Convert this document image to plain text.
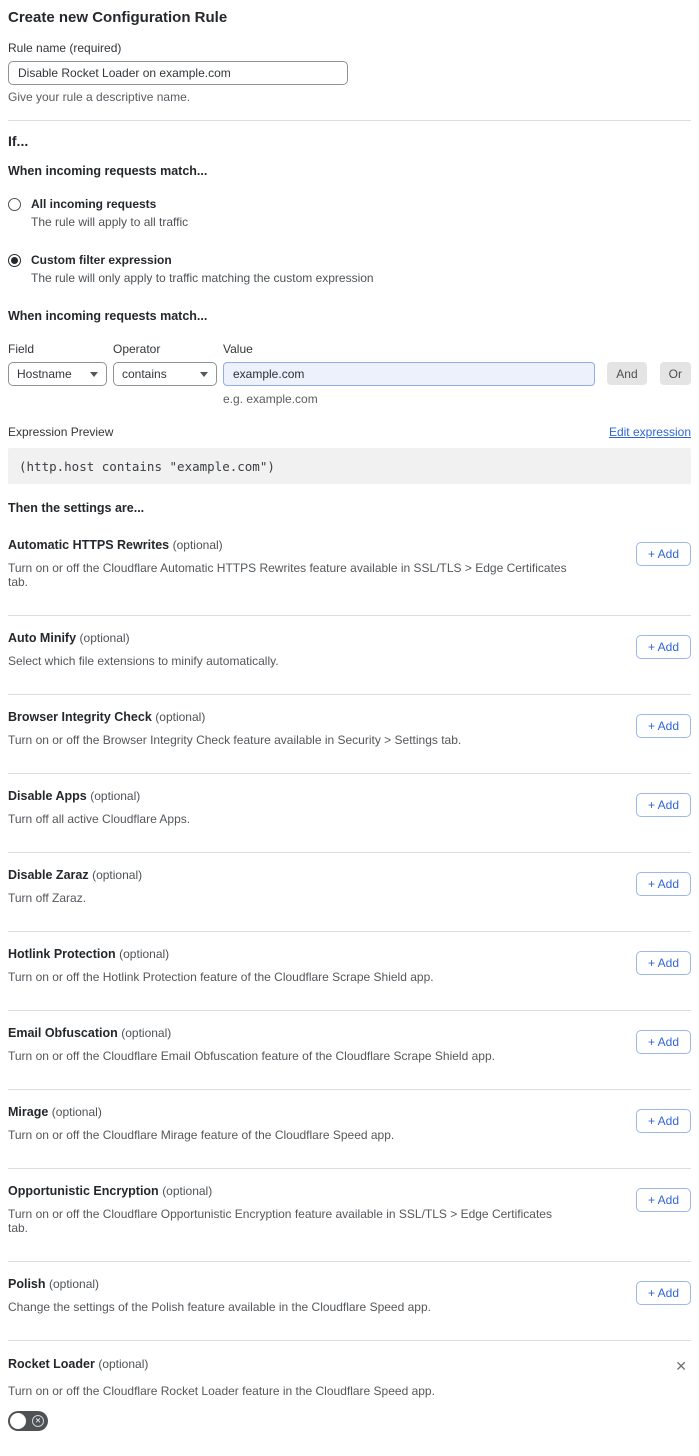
Create new Configuration Rule
Rule name (required)
Disable Rocket Loader on example.com
Give your rule a descriptive name.
If...
When incoming requests match...
All incoming requests
The rule will apply to all traffic
Custom filter expression
The rule will only apply to traffic matching the custom expression
When incoming requests match...
Field
Hostname
Operator
contains
Value
example.com
e.g. example.com
And	Or
Expression Preview	Edit expression
(http.host contains "example.com")
Then the settings are...
Automatic HTTPS Rewrites (optional)
Turn on or off the Cloudflare Automatic HTTPS Rewrites feature available in SSL/TLS > Edge Certificates tab.
+ Add
Auto Minify (optional)
Select which file extensions to minify automatically.
+ Add
Browser Integrity Check (optional)
Turn on or off the Browser Integrity Check feature available in Security > Settings tab.
+ Add
Disable Apps (optional)
Turn off all active Cloudflare Apps.
+ Add
Disable Zaraz (optional)
Turn off Zaraz.
+ Add
Hotlink Protection (optional)
Turn on or off the Hotlink Protection feature of the Cloudflare Scrape Shield app.
+ Add
Email Obfuscation (optional)
Turn on or off the Cloudflare Email Obfuscation feature of the Cloudflare Scrape Shield app.
+ Add
Mirage (optional)
Turn on or off the Cloudflare Mirage feature of the Cloudflare Speed app.
+ Add
Opportunistic Encryption (optional)
Turn on or off the Cloudflare Opportunistic Encryption feature available in SSL/TLS > Edge Certificates tab.
+ Add
Polish (optional)
Change the settings of the Polish feature available in the Cloudflare Speed app.
+ Add
Rocket Loader (optional)	✕
Turn on or off the Cloudflare Rocket Loader feature in the Cloudflare Speed app.
✕
